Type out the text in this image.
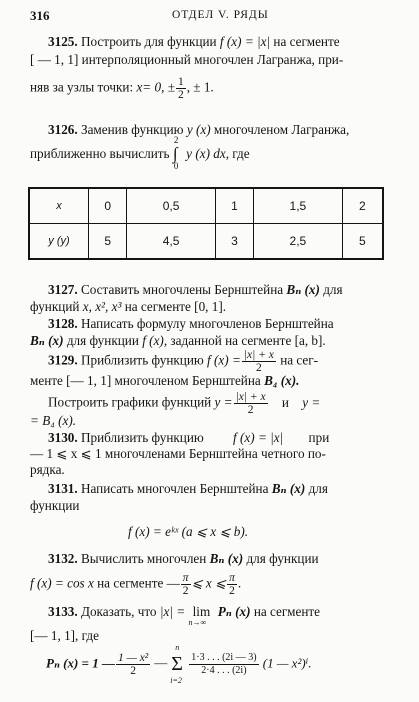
316	ОТДЕЛ V. РЯДЫ
3125. Построить для функции f (x) = |x| на сегменте
[ — 1, 1] интерполяционный многочлен Лагранжа, при-
няв за узлы точки: x= 0, ± $\frac{1}{2}$ , ± 1.
3126. Заменив функцию y (x) многочленом Лагранжа,
приближенно вычислить
2
∫
0
y (x) dx, где
x	0	0,5	1	1,5	2
y (y)	5	4,5	3	2,5	5
3127. Составить многочлены Бернштейна Bₙ (x) для
функций x, x², x³ на сегменте [0, 1].
3128. Написать формулу многочленов Бернштейна
Bₙ (x) для функции f (x), заданной на сегменте [a, b].
3129. Приблизить функцию f $(x) = \frac{|x| + x}{2}$ на сег-
менте [— 1, 1] многочленом Бернштейна B₄ (x).
Построить графики функций $y = \frac{|x| + x}{2}$ и y =
= B₄ (x).
3130. Приблизить функцию f (x) = |x| при
— 1 ⩽ x ⩽ 1 многочленами Бернштейна четного по-
рядка.
3131. Написать многочлен Бернштейна Bₙ (x) для
функции
f (x) = eᵏˣ (a ⩽ x ⩽ b).
3132. Вычислить многочлен Bₙ (x) для функции
f (x) = cos x на сегменте — $\frac{\pi}{2}$ ⩽ x ⩽ $\frac{\pi}{2}$ .
3133. Доказать, что |x| = lim
n→∞
Pₙ (x) на сегменте
[— 1, 1], где
Pₙ (x) = 1 — $\frac{\text{1 — x²}}{2}$ —
n
Σ
i=2
$\frac{1\cdot 3 . . . (2i — 3)}{2\cdot 4 . . . (2i)} (1$ — x²)ⁱ.
